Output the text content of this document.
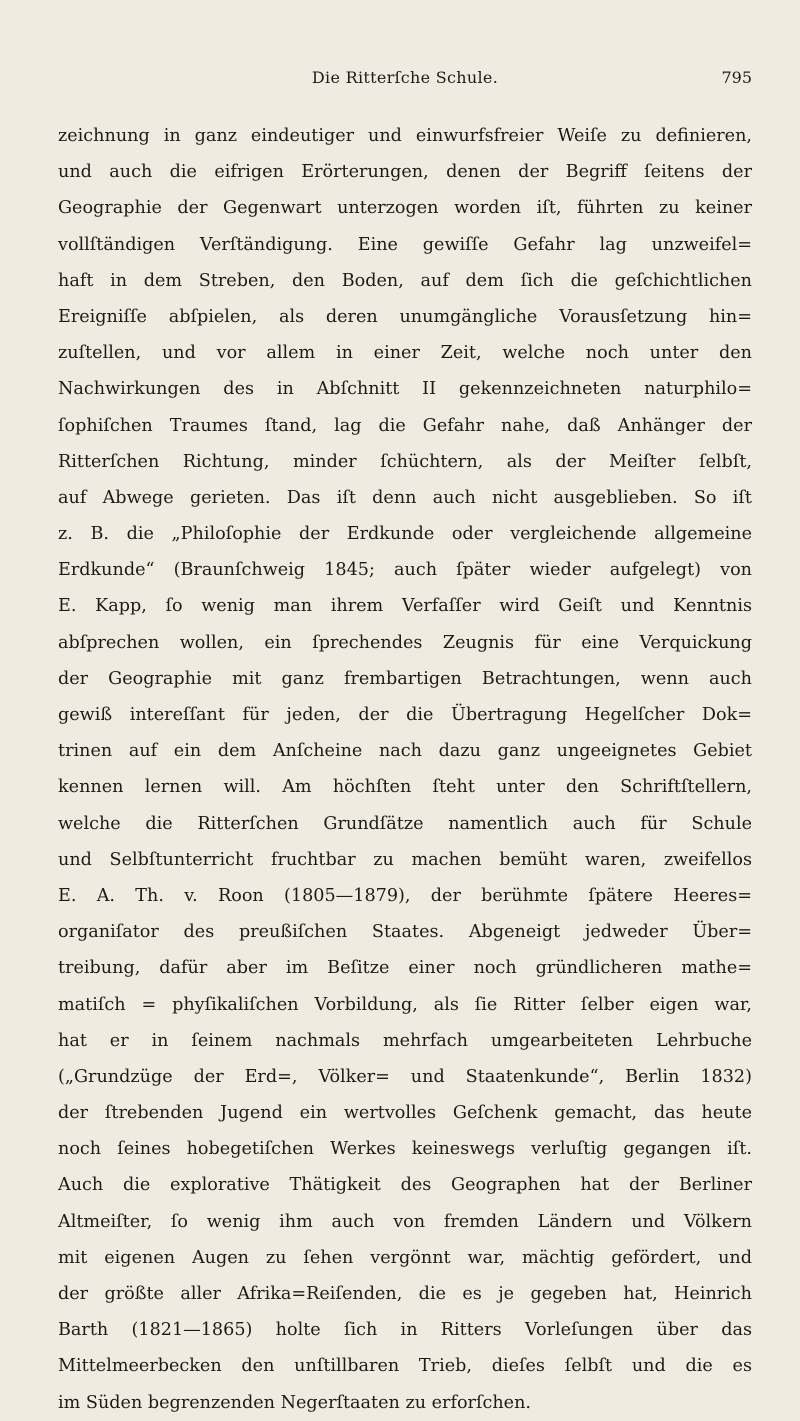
Die Ritterſche Schule.	795
zeichnung in ganz eindeutiger und einwurfsfreier Weiſe zu definieren,
und auch die eifrigen Erörterungen, denen der Begriff ſeitens der
Geographie der Gegenwart unterzogen worden iſt, führten zu keiner
vollſtändigen Verſtändigung. Eine gewiſſe Gefahr lag unzweifel=
haft in dem Streben, den Boden, auf dem ſich die geſchichtlichen
Ereigniſſe abſpielen, als deren unumgängliche Vorausſetzung hin=
zuſtellen, und vor allem in einer Zeit, welche noch unter den
Nachwirkungen des in Abſchnitt II gekennzeichneten naturphilo=
ſophiſchen Traumes ſtand, lag die Gefahr nahe, daß Anhänger der
Ritterſchen Richtung, minder ſchüchtern, als der Meiſter ſelbſt,
auf Abwege gerieten. Das iſt denn auch nicht ausgeblieben. So iſt
z. B. die „Philoſophie der Erdkunde oder vergleichende allgemeine
Erdkunde“ (Braunſchweig 1845; auch ſpäter wieder aufgelegt) von
E. Kapp, ſo wenig man ihrem Verfaſſer wird Geiſt und Kenntnis
abſprechen wollen, ein ſprechendes Zeugnis für eine Verquickung
der Geographie mit ganz frembartigen Betrachtungen, wenn auch
gewiß intereſſant für jeden, der die Übertragung Hegelſcher Dok=
trinen auf ein dem Anſcheine nach dazu ganz ungeeignetes Gebiet
kennen lernen will. Am höchſten ſteht unter den Schriftſtellern,
welche die Ritterſchen Grundſätze namentlich auch für Schule
und Selbſtunterricht fruchtbar zu machen bemüht waren, zweifellos
E. A. Th. v. Roon (1805—1879), der berühmte ſpätere Heeres=
organiſator des preußiſchen Staates. Abgeneigt jedweder Über=
treibung, dafür aber im Beſitze einer noch gründlicheren mathe=
matiſch = phyſikaliſchen Vorbildung, als ſie Ritter ſelber eigen war,
hat er in ſeinem nachmals mehrfach umgearbeiteten Lehrbuche
(„Grundzüge der Erd=, Völker= und Staatenkunde“, Berlin 1832)
der ſtrebenden Jugend ein wertvolles Geſchenk gemacht, das heute
noch ſeines hobegetiſchen Werkes keineswegs verluſtig gegangen iſt.
Auch die explorative Thätigkeit des Geographen hat der Berliner
Altmeiſter, ſo wenig ihm auch von fremden Ländern und Völkern
mit eigenen Augen zu ſehen vergönnt war, mächtig gefördert, und
der größte aller Afrika=Reiſenden, die es je gegeben hat, Heinrich
Barth (1821—1865) holte ſich in Ritters Vorleſungen über das
Mittelmeerbecken den unſtillbaren Trieb, dieſes ſelbſt und die es
im Süden begrenzenden Negerſtaaten zu erforſchen.
